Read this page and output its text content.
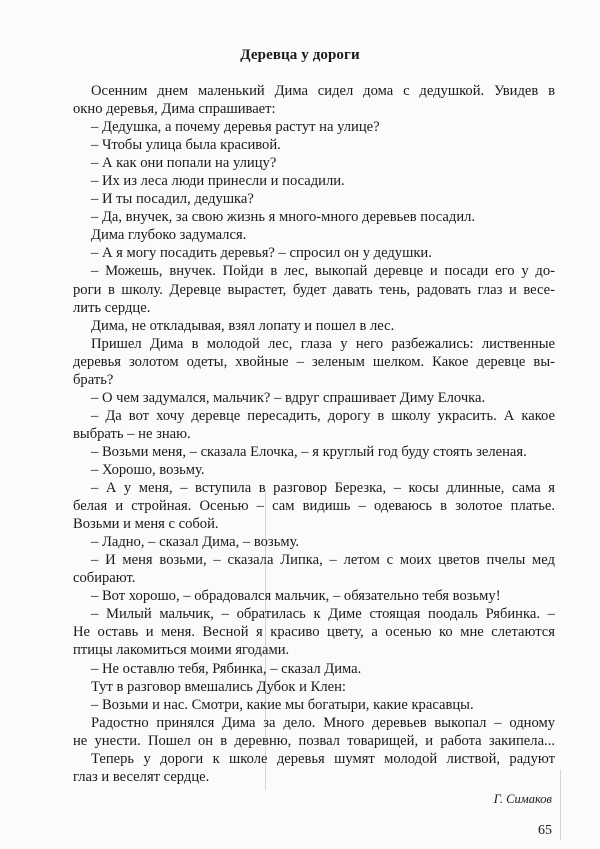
Деревца у дороги
Осенним днем маленький Дима сидел дома с дедушкой. Увидев в
окно деревья, Дима спрашивает:
– Дедушка, а почему деревья растут на улице?
– Чтобы улица была красивой.
– А как они попали на улицу?
– Их из леса люди принесли и посадили.
– И ты посадил, дедушка?
– Да, внучек, за свою жизнь я много-много деревьев посадил.
Дима глубоко задумался.
– А я могу посадить деревья? – спросил он у дедушки.
– Можешь, внучек. Пойди в лес, выкопай деревце и посади его у до-
роги в школу. Деревце вырастет, будет давать тень, радовать глаз и весе-
лить сердце.
Дима, не откладывая, взял лопату и пошел в лес.
Пришел Дима в молодой лес, глаза у него разбежались: лиственные
деревья золотом одеты, хвойные – зеленым шелком. Какое деревце вы-
брать?
– О чем задумался, мальчик? – вдруг спрашивает Диму Елочка.
– Да вот хочу деревце пересадить, дорогу в школу украсить. А какое
выбрать – не знаю.
– Возьми меня, – сказала Елочка, – я круглый год буду стоять зеленая.
– Хорошо, возьму.
– А у меня, – вступила в разговор Березка, – косы длинные, сама я
белая и стройная. Осенью – сам видишь – одеваюсь в золотое платье.
Возьми и меня с собой.
– Ладно, – сказал Дима, – возьму.
– И меня возьми, – сказала Липка, – летом с моих цветов пчелы мед
собирают.
– Вот хорошо, – обрадовался мальчик, – обязательно тебя возьму!
– Милый мальчик, – обратилась к Диме стоящая поодаль Рябинка. –
Не оставь и меня. Весной я красиво цвету, а осенью ко мне слетаются
птицы лакомиться моими ягодами.
– Не оставлю тебя, Рябинка, – сказал Дима.
Тут в разговор вмешались Дубок и Клен:
– Возьми и нас. Смотри, какие мы богатыри, какие красавцы.
Радостно принялся Дима за дело. Много деревьев выкопал – одному
не унести. Пошел он в деревню, позвал товарищей, и работа закипела...
Теперь у дороги к школе деревья шумят молодой листвой, радуют
глаз и веселят сердце.
Г. Симаков
65
